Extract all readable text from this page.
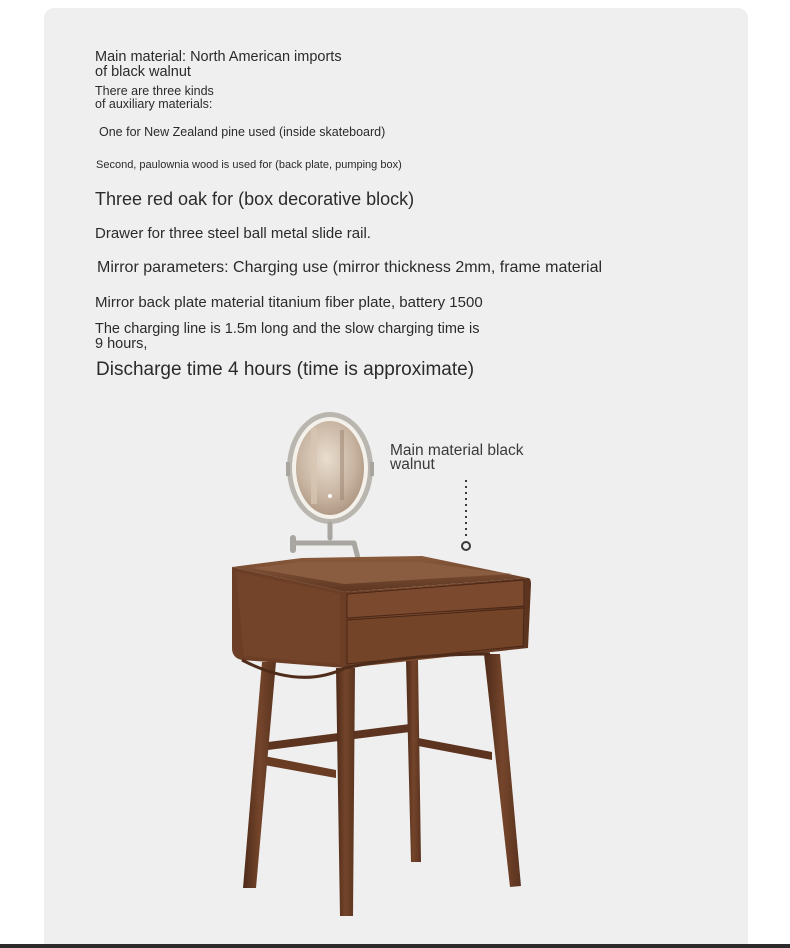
Main material: North American imports
of black walnut
There are three kinds
of auxiliary materials:
One for New Zealand pine used (inside skateboard)
Second, paulownia wood is used for (back plate, pumping box)
Three red oak for (box decorative block)
Drawer for three steel ball metal slide rail.
Mirror parameters: Charging use (mirror thickness 2mm, frame material
Mirror back plate material titanium fiber plate, battery 1500
The charging line is 1.5m long and the slow charging time is
9 hours,
Discharge time 4 hours (time is approximate)
Main material black
walnut
